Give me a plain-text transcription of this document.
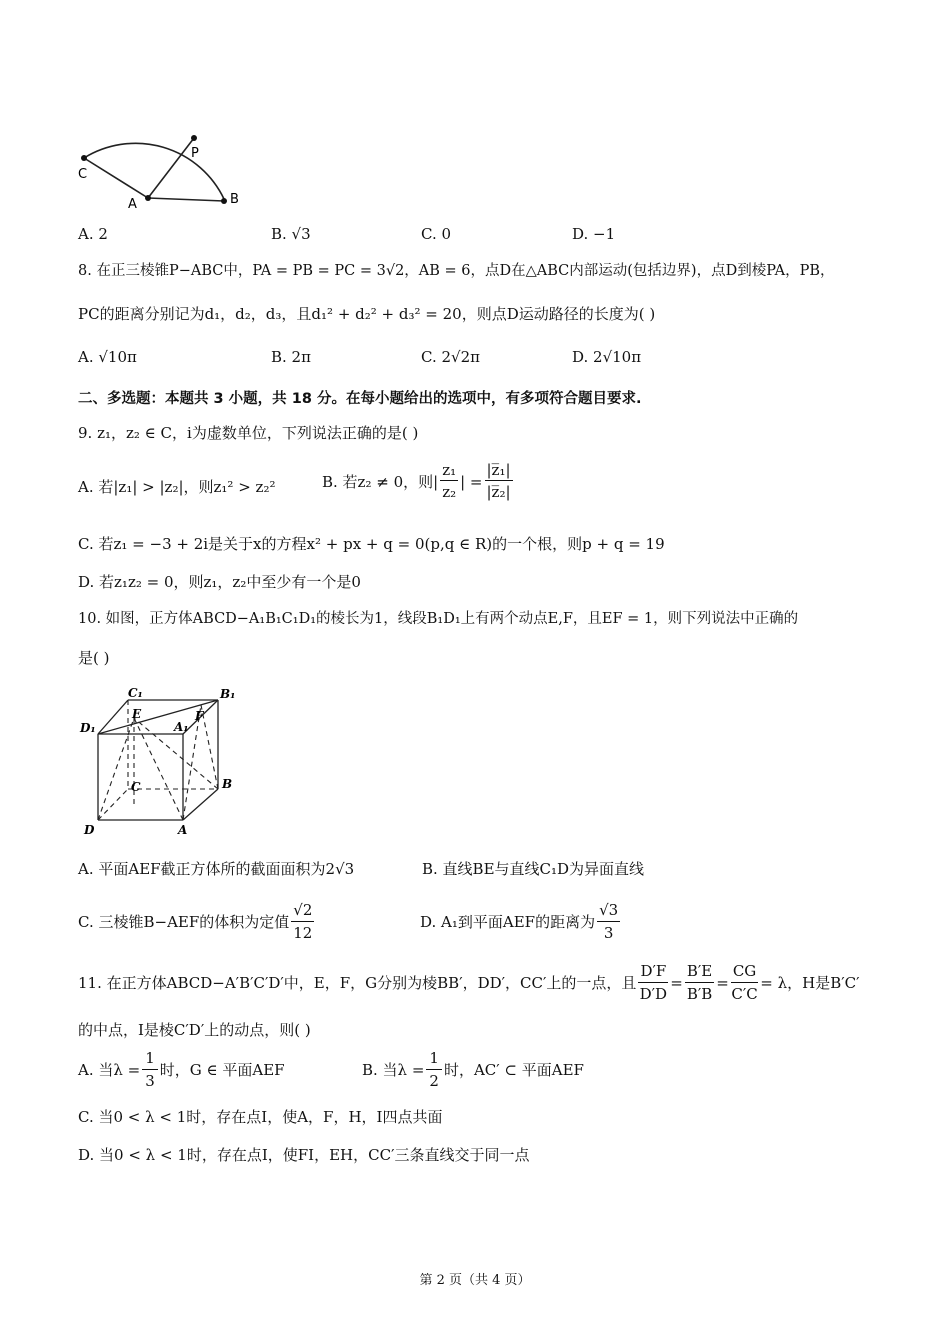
C
A
P
B
A. 2	B. √3	C. 0	D. −1
8. 在正三棱锥P−ABC中，PA = PB = PC = 3√2，AB = 6，点D在△ABC内部运动(包括边界)，点D到棱PA，PB，
PC的距离分别记为d₁，d₂，d₃，且d₁² + d₂² + d₃² = 20，则点D运动路径的长度为( )
A. √10π	B. 2π	C. 2√2π	D. 2√10π
二、多选题：本题共 3 小题，共 18 分。在每小题给出的选项中，有多项符合题目要求.
9. z₁，z₂ ∈ C，i为虚数单位，下列说法正确的是( )
A. 若|z₁| > |z₂|，则z₁² > z₂²	B. 若z₂ ≠ 0，则| $\frac{\text{z₁}}{\text{z₂}}$ | = $\frac{\text{|z̅₁|}}{\text{|z̅₂|}}$
C. 若z₁ = −3 + 2i是关于x的方程x² + px + q = 0(p,q ∈ R)的一个根，则p + q = 19
D. 若z₁z₂ = 0，则z₁，z₂中至少有一个是0
10. 如图，正方体ABCD−A₁B₁C₁D₁的棱长为1，线段B₁D₁上有两个动点E,F，且EF = 1，则下列说法中正确的
是( )
C₁	B₁
D₁
E
A₁
F
C	B
D	A
A. 平面AEF截正方体所的截面面积为2√3	B. 直线BE与直线C₁D为异面直线
C. 三棱锥B−AEF的体积为定值 $\frac{√2}{12}$	D. A₁到平面AEF的距离为 $\frac{√3}{3}$
11. 在正方体ABCD−A′B′C′D′中，E，F，G分别为棱BB′，DD′，CC′上的一点，且 $\frac{D'F}{D'D} = \frac{B'E}{B'B} = \frac{CG}{C'C} = \lambda$，H是B′C′
的中点，I是棱C′D′上的动点，则( )
A. 当$\lambda = \frac{1}{3}$ 时，G ∈ 平面AEF	B. 当$\lambda = \frac{1}{2}$ 时，AC′ ⊂ 平面AEF
C. 当0 < λ < 1时，存在点I，使A，F，H，I四点共面
D. 当0 < λ < 1时，存在点I，使FI，EH，CC′三条直线交于同一点
第 2 页（共 4 页）
